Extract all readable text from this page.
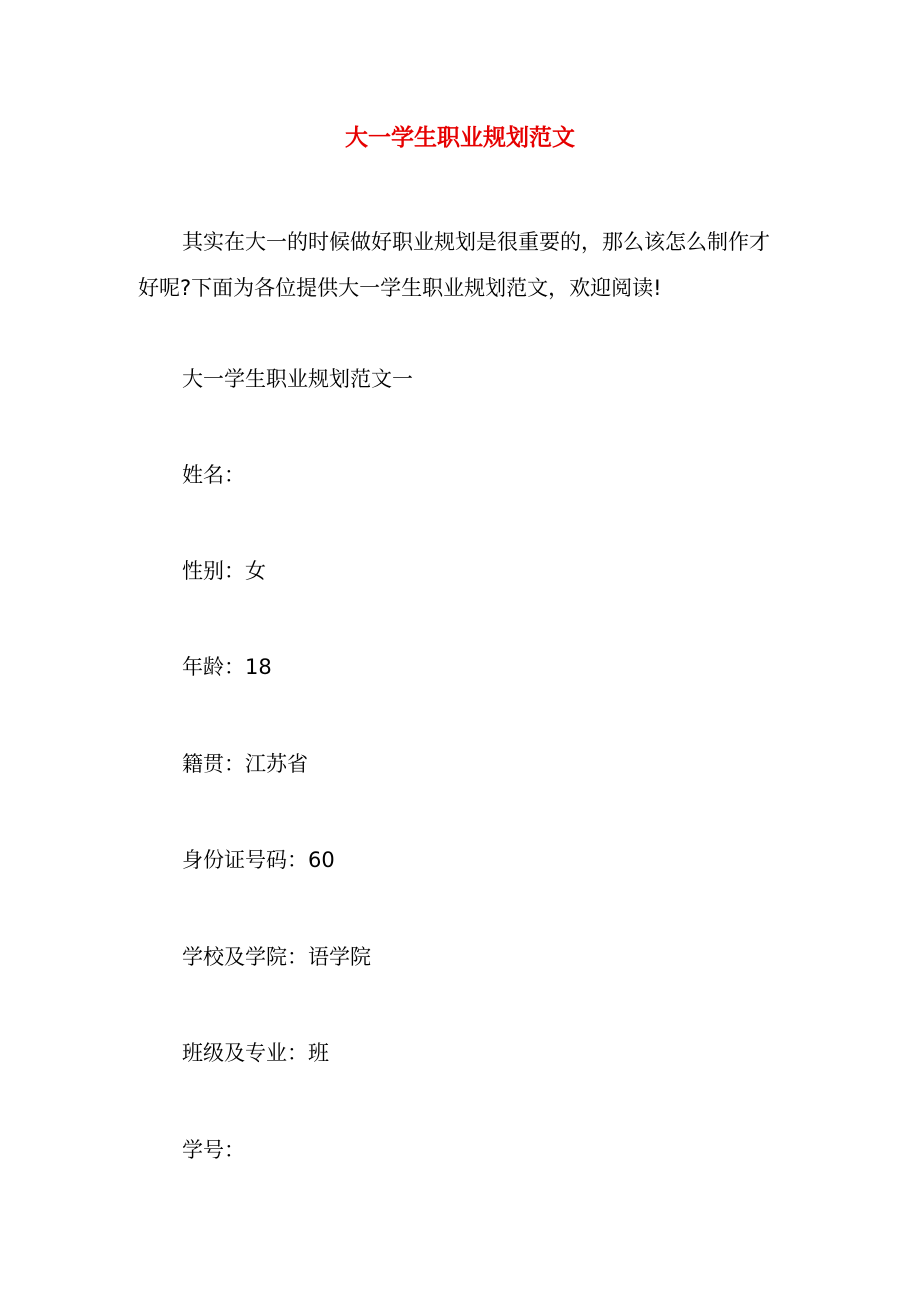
大一学生职业规划范文

其实在大一的时候做好职业规划是很重要的，那么该怎么制作才好呢?下面为各位提供大一学生职业规划范文，欢迎阅读!

大一学生职业规划范文一
姓名：
性别：女
年龄：18
籍贯：江苏省
身份证号码：60
学校及学院：语学院
班级及专业：班
学号：
